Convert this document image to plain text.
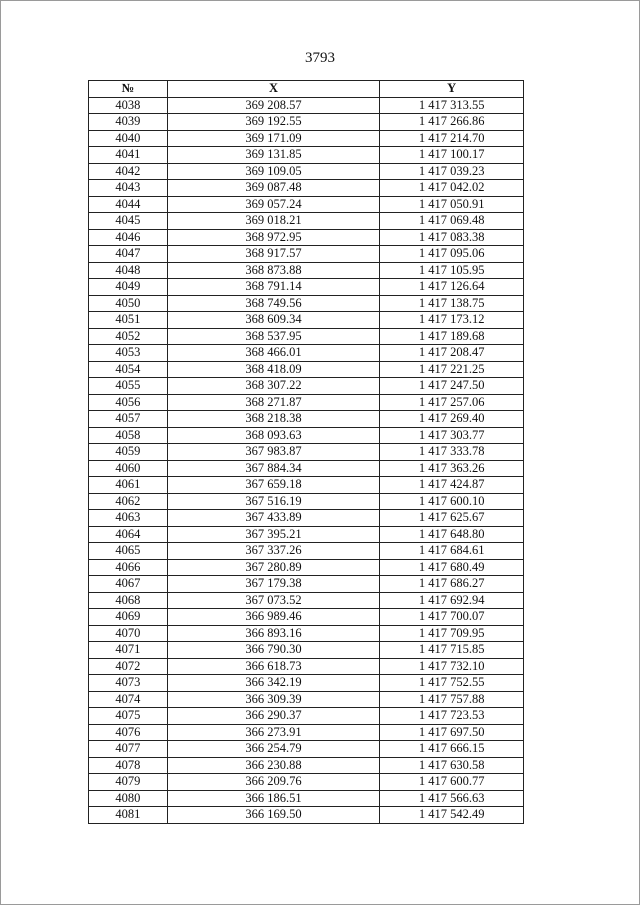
3793
№	X	Y
4038	369 208.57	1 417 313.55
4039	369 192.55	1 417 266.86
4040	369 171.09	1 417 214.70
4041	369 131.85	1 417 100.17
4042	369 109.05	1 417 039.23
4043	369 087.48	1 417 042.02
4044	369 057.24	1 417 050.91
4045	369 018.21	1 417 069.48
4046	368 972.95	1 417 083.38
4047	368 917.57	1 417 095.06
4048	368 873.88	1 417 105.95
4049	368 791.14	1 417 126.64
4050	368 749.56	1 417 138.75
4051	368 609.34	1 417 173.12
4052	368 537.95	1 417 189.68
4053	368 466.01	1 417 208.47
4054	368 418.09	1 417 221.25
4055	368 307.22	1 417 247.50
4056	368 271.87	1 417 257.06
4057	368 218.38	1 417 269.40
4058	368 093.63	1 417 303.77
4059	367 983.87	1 417 333.78
4060	367 884.34	1 417 363.26
4061	367 659.18	1 417 424.87
4062	367 516.19	1 417 600.10
4063	367 433.89	1 417 625.67
4064	367 395.21	1 417 648.80
4065	367 337.26	1 417 684.61
4066	367 280.89	1 417 680.49
4067	367 179.38	1 417 686.27
4068	367 073.52	1 417 692.94
4069	366 989.46	1 417 700.07
4070	366 893.16	1 417 709.95
4071	366 790.30	1 417 715.85
4072	366 618.73	1 417 732.10
4073	366 342.19	1 417 752.55
4074	366 309.39	1 417 757.88
4075	366 290.37	1 417 723.53
4076	366 273.91	1 417 697.50
4077	366 254.79	1 417 666.15
4078	366 230.88	1 417 630.58
4079	366 209.76	1 417 600.77
4080	366 186.51	1 417 566.63
4081	366 169.50	1 417 542.49
